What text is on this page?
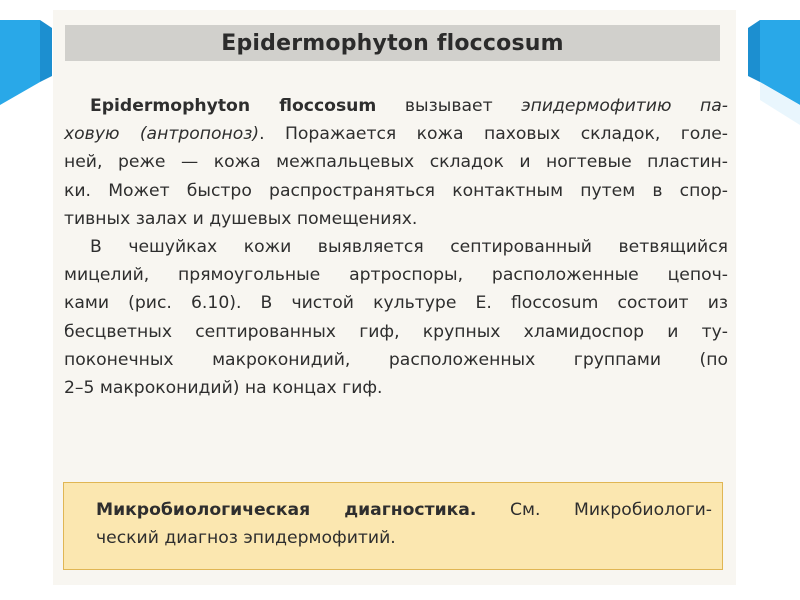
Epidermophyton floccosum
Epidermophyton floccosum вызывает эпидермофитию па-
ховую (антропоноз). Поражается кожа паховых складок, голе-
ней, реже — кожа межпальцевых складок и ногтевые пластин-
ки. Может быстро распространяться контактным путем в спор-
тивных залах и душевых помещениях.
В чешуйках кожи выявляется септированный ветвящийся
мицелий, прямоугольные артроспоры, расположенные цепоч-
ками (рис. 6.10). В чистой культуре E. floccosum состоит из
бесцветных септированных гиф, крупных хламидоспор и ту-
поконечных макроконидий, расположенных группами (по
2–5 макроконидий) на концах гиф.
Микробиологическая диагностика. См. Микробиологи-
ческий диагноз эпидермофитий.
